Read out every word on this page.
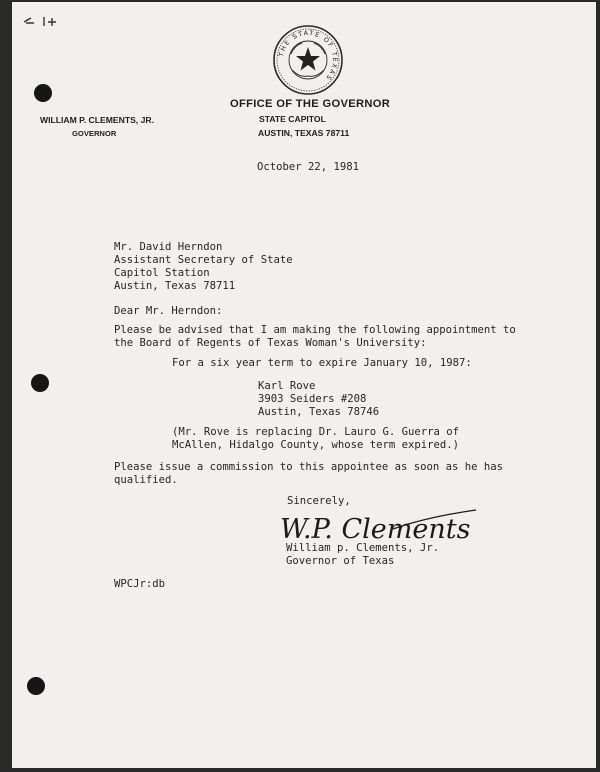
THE STATE OF TEXAS
OFFICE OF THE GOVERNOR
STATE CAPITOL
AUSTIN, TEXAS 78711
WILLIAM P. CLEMENTS, JR.
GOVERNOR
October 22, 1981
Mr. David Herndon
Assistant Secretary of State
Capitol Station
Austin, Texas 78711
Dear Mr. Herndon:
Please be advised that I am making the following appointment to
the Board of Regents of Texas Woman's University:
For a six year term to expire January 10, 1987:
Karl Rove
3903 Seiders #208
Austin, Texas 78746
(Mr. Rove is replacing Dr. Lauro G. Guerra of
McAllen, Hidalgo County, whose term expired.)
Please issue a commission to this appointee as soon as he has
qualified.
Sincerely,
W.P. Clements
William p. Clements, Jr.
Governor of Texas
WPCJr:db
